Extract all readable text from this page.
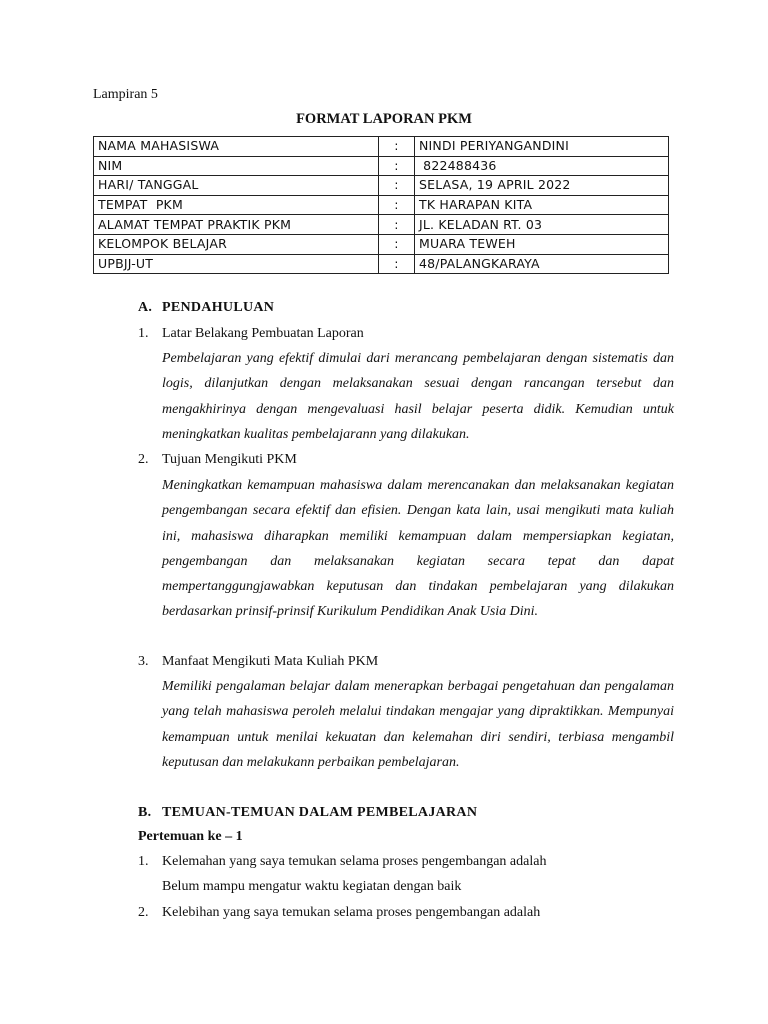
Lampiran 5
FORMAT LAPORAN PKM
NAMA MAHASISWA	:	NINDI PERIYANGANDINI
NIM	:	822488436
HARI/ TANGGAL	:	SELASA, 19 APRIL 2022
TEMPAT  PKM	:	TK HARAPAN KITA
ALAMAT TEMPAT PRAKTIK PKM	:	JL. KELADAN RT. 03
KELOMPOK BELAJAR	:	MUARA TEWEH
UPBJJ-UT	:	48/PALANGKARAYA
A. PENDAHULUAN
1. Latar Belakang Pembuatan Laporan
Pembelajaran yang efektif dimulai dari merancang pembelajaran dengan sistematis dan logis, dilanjutkan dengan melaksanakan sesuai dengan rancangan tersebut dan mengakhirinya dengan mengevaluasi hasil belajar peserta didik. Kemudian untuk meningkatkan kualitas pembelajarann yang dilakukan.
2. Tujuan Mengikuti PKM
Meningkatkan kemampuan mahasiswa dalam merencanakan dan melaksanakan kegiatan pengembangan secara efektif dan efisien. Dengan kata lain, usai mengikuti mata kuliah ini, mahasiswa diharapkan memiliki kemampuan dalam mempersiapkan kegiatan, pengembangan dan melaksanakan kegiatan secara tepat dan dapat mempertanggungjawabkan keputusan dan tindakan pembelajaran yang dilakukan berdasarkan prinsif-prinsif Kurikulum Pendidikan Anak Usia Dini.
3. Manfaat Mengikuti Mata Kuliah PKM
Memiliki pengalaman belajar dalam menerapkan berbagai pengetahuan dan pengalaman yang telah mahasiswa peroleh melalui tindakan mengajar yang dipraktikkan. Mempunyai kemampuan untuk menilai kekuatan dan kelemahan diri sendiri, terbiasa mengambil keputusan dan melakukann perbaikan pembelajaran.
B. TEMUAN-TEMUAN DALAM PEMBELAJARAN
Pertemuan ke – 1
1. Kelemahan yang saya temukan selama proses pengembangan adalah
Belum mampu mengatur waktu kegiatan dengan baik
2. Kelebihan yang saya temukan selama proses pengembangan adalah
